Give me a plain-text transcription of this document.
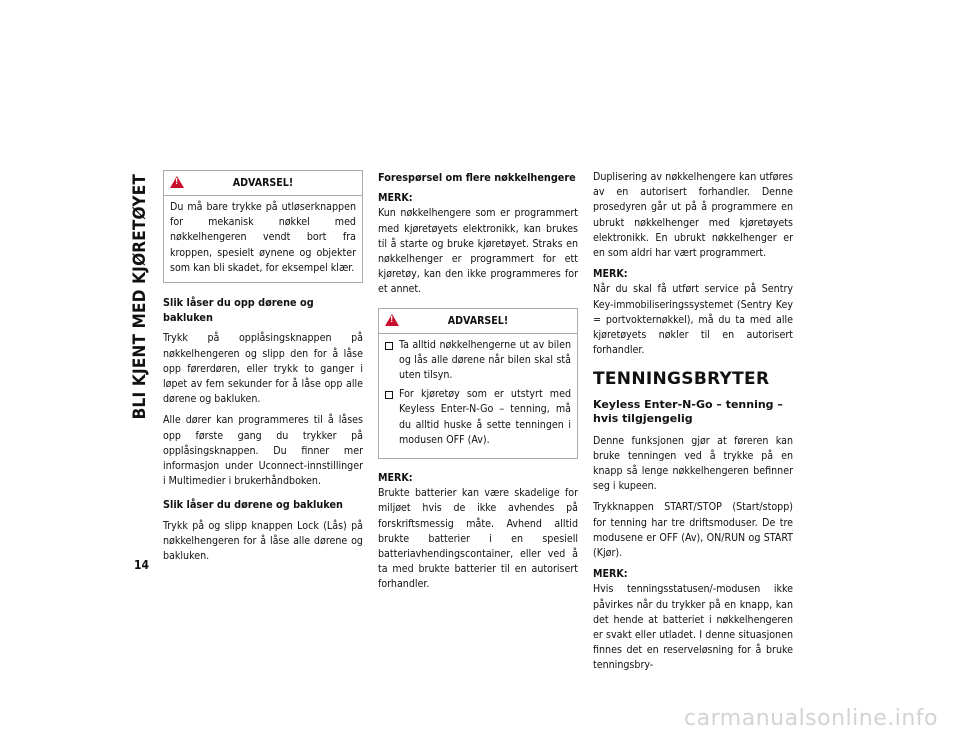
BLI KJENT MED KJØRETØYET
14
!
ADVARSEL!

Du må bare trykke på utløserknappen for mekanisk nøkkel med nøkkelhengeren vendt bort fra kroppen, spesielt øynene og objekter som kan bli skadet, for eksempel klær.

Slik låser du opp dørene og bakluken

Trykk på opplåsingsknappen på nøkkelhengeren og slipp den for å låse opp førerdøren, eller trykk to ganger i løpet av fem sekunder for å låse opp alle dørene og bakluken.

Alle dører kan programmeres til å låses opp første gang du trykker på opplåsingsknappen. Du finner mer informasjon under Uconnect-innstillinger i Multimedier i brukerhåndboken.

Slik låser du dørene og bakluken

Trykk på og slipp knappen Lock (Lås) på nøkkelhengeren for å låse alle dørene og bakluken.

Forespørsel om flere nøkkelhengere

MERK:
Kun nøkkelhengere som er programmert med kjøretøyets elektronikk, kan brukes til å starte og bruke kjøretøyet. Straks en nøkkelhenger er programmert for ett kjøretøy, kan den ikke programmeres for et annet.

!
ADVARSEL!
Ta alltid nøkkelhengerne ut av bilen og lås alle dørene når bilen skal stå uten tilsyn.
For kjøretøy som er utstyrt med Keyless Enter-N-Go – tenning, må du alltid huske å sette tenningen i modusen OFF (Av).

MERK:
Brukte batterier kan være skadelige for miljøet hvis de ikke avhendes på forskriftsmessig måte. Avhend alltid brukte batterier i en spesiell batteriavhendingscontainer, eller ved å ta med brukte batterier til en autorisert forhandler.

Duplisering av nøkkelhengere kan utføres av en autorisert forhandler. Denne prosedyren går ut på å programmere en ubrukt nøkkelhenger med kjøretøyets elektronikk. En ubrukt nøkkelhenger er en som aldri har vært programmert.

MERK:
Når du skal få utført service på Sentry Key-immobiliseringssystemet (Sentry Key = portvokternøkkel), må du ta med alle kjøretøyets nøkler til en autorisert forhandler.

TENNINGSBRYTER
Keyless Enter-N-Go – tenning – hvis tilgjengelig

Denne funksjonen gjør at føreren kan bruke tenningen ved å trykke på en knapp så lenge nøkkelhengeren befinner seg i kupeen.

Trykknappen START/STOP (Start/stopp) for tenning har tre driftsmoduser. De tre modusene er OFF (Av), ON/RUN og START (Kjør).

MERK:
Hvis tenningsstatusen/-modusen ikke påvirkes når du trykker på en knapp, kan det hende at batteriet i nøkkelhengeren er svakt eller utladet. I denne situasjonen finnes det en reserveløsning for å bruke tenningsbry-

carmanualsonline.info
